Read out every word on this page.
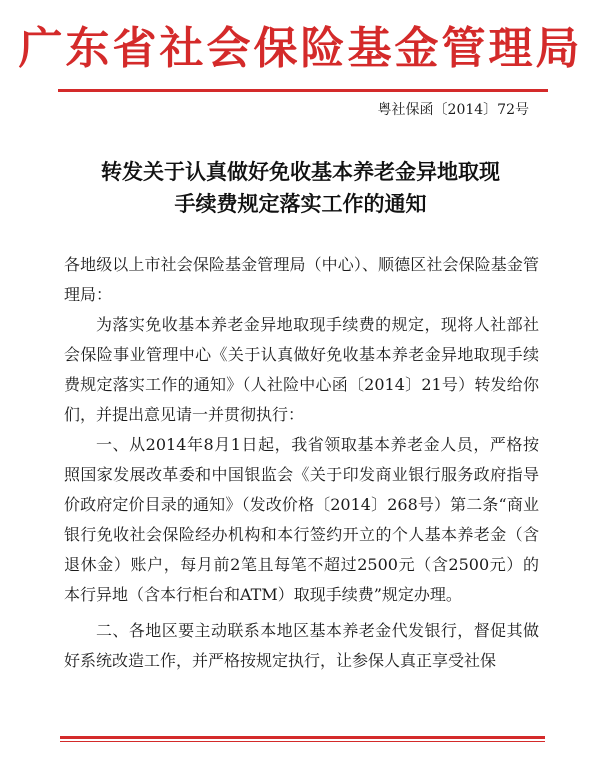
广东省社会保险基金管理局
粤社保函〔2014〕72号
转发关于认真做好免收基本养老金异地取现
手续费规定落实工作的通知

各地级以上市社会保险基金管理局（中心）、顺德区社会保险基金管理局：

为落实免收基本养老金异地取现手续费的规定，现将人社部社会保险事业管理中心《关于认真做好免收基本养老金异地取现手续费规定落实工作的通知》（人社险中心函〔2014〕21号）转发给你们，并提出意见请一并贯彻执行：

一、从2014年8月1日起，我省领取基本养老金人员，严格按照国家发展改革委和中国银监会《关于印发商业银行服务政府指导价政府定价目录的通知》（发改价格〔2014〕268号）第二条“商业银行免收社会保险经办机构和本行签约开立的个人基本养老金（含退休金）账户，每月前2笔且每笔不超过2500元（含2500元）的本行异地（含本行柜台和ATM）取现手续费”规定办理。

二、各地区要主动联系本地区基本养老金代发银行，督促其做好系统改造工作，并严格按规定执行，让参保人真正享受社保
